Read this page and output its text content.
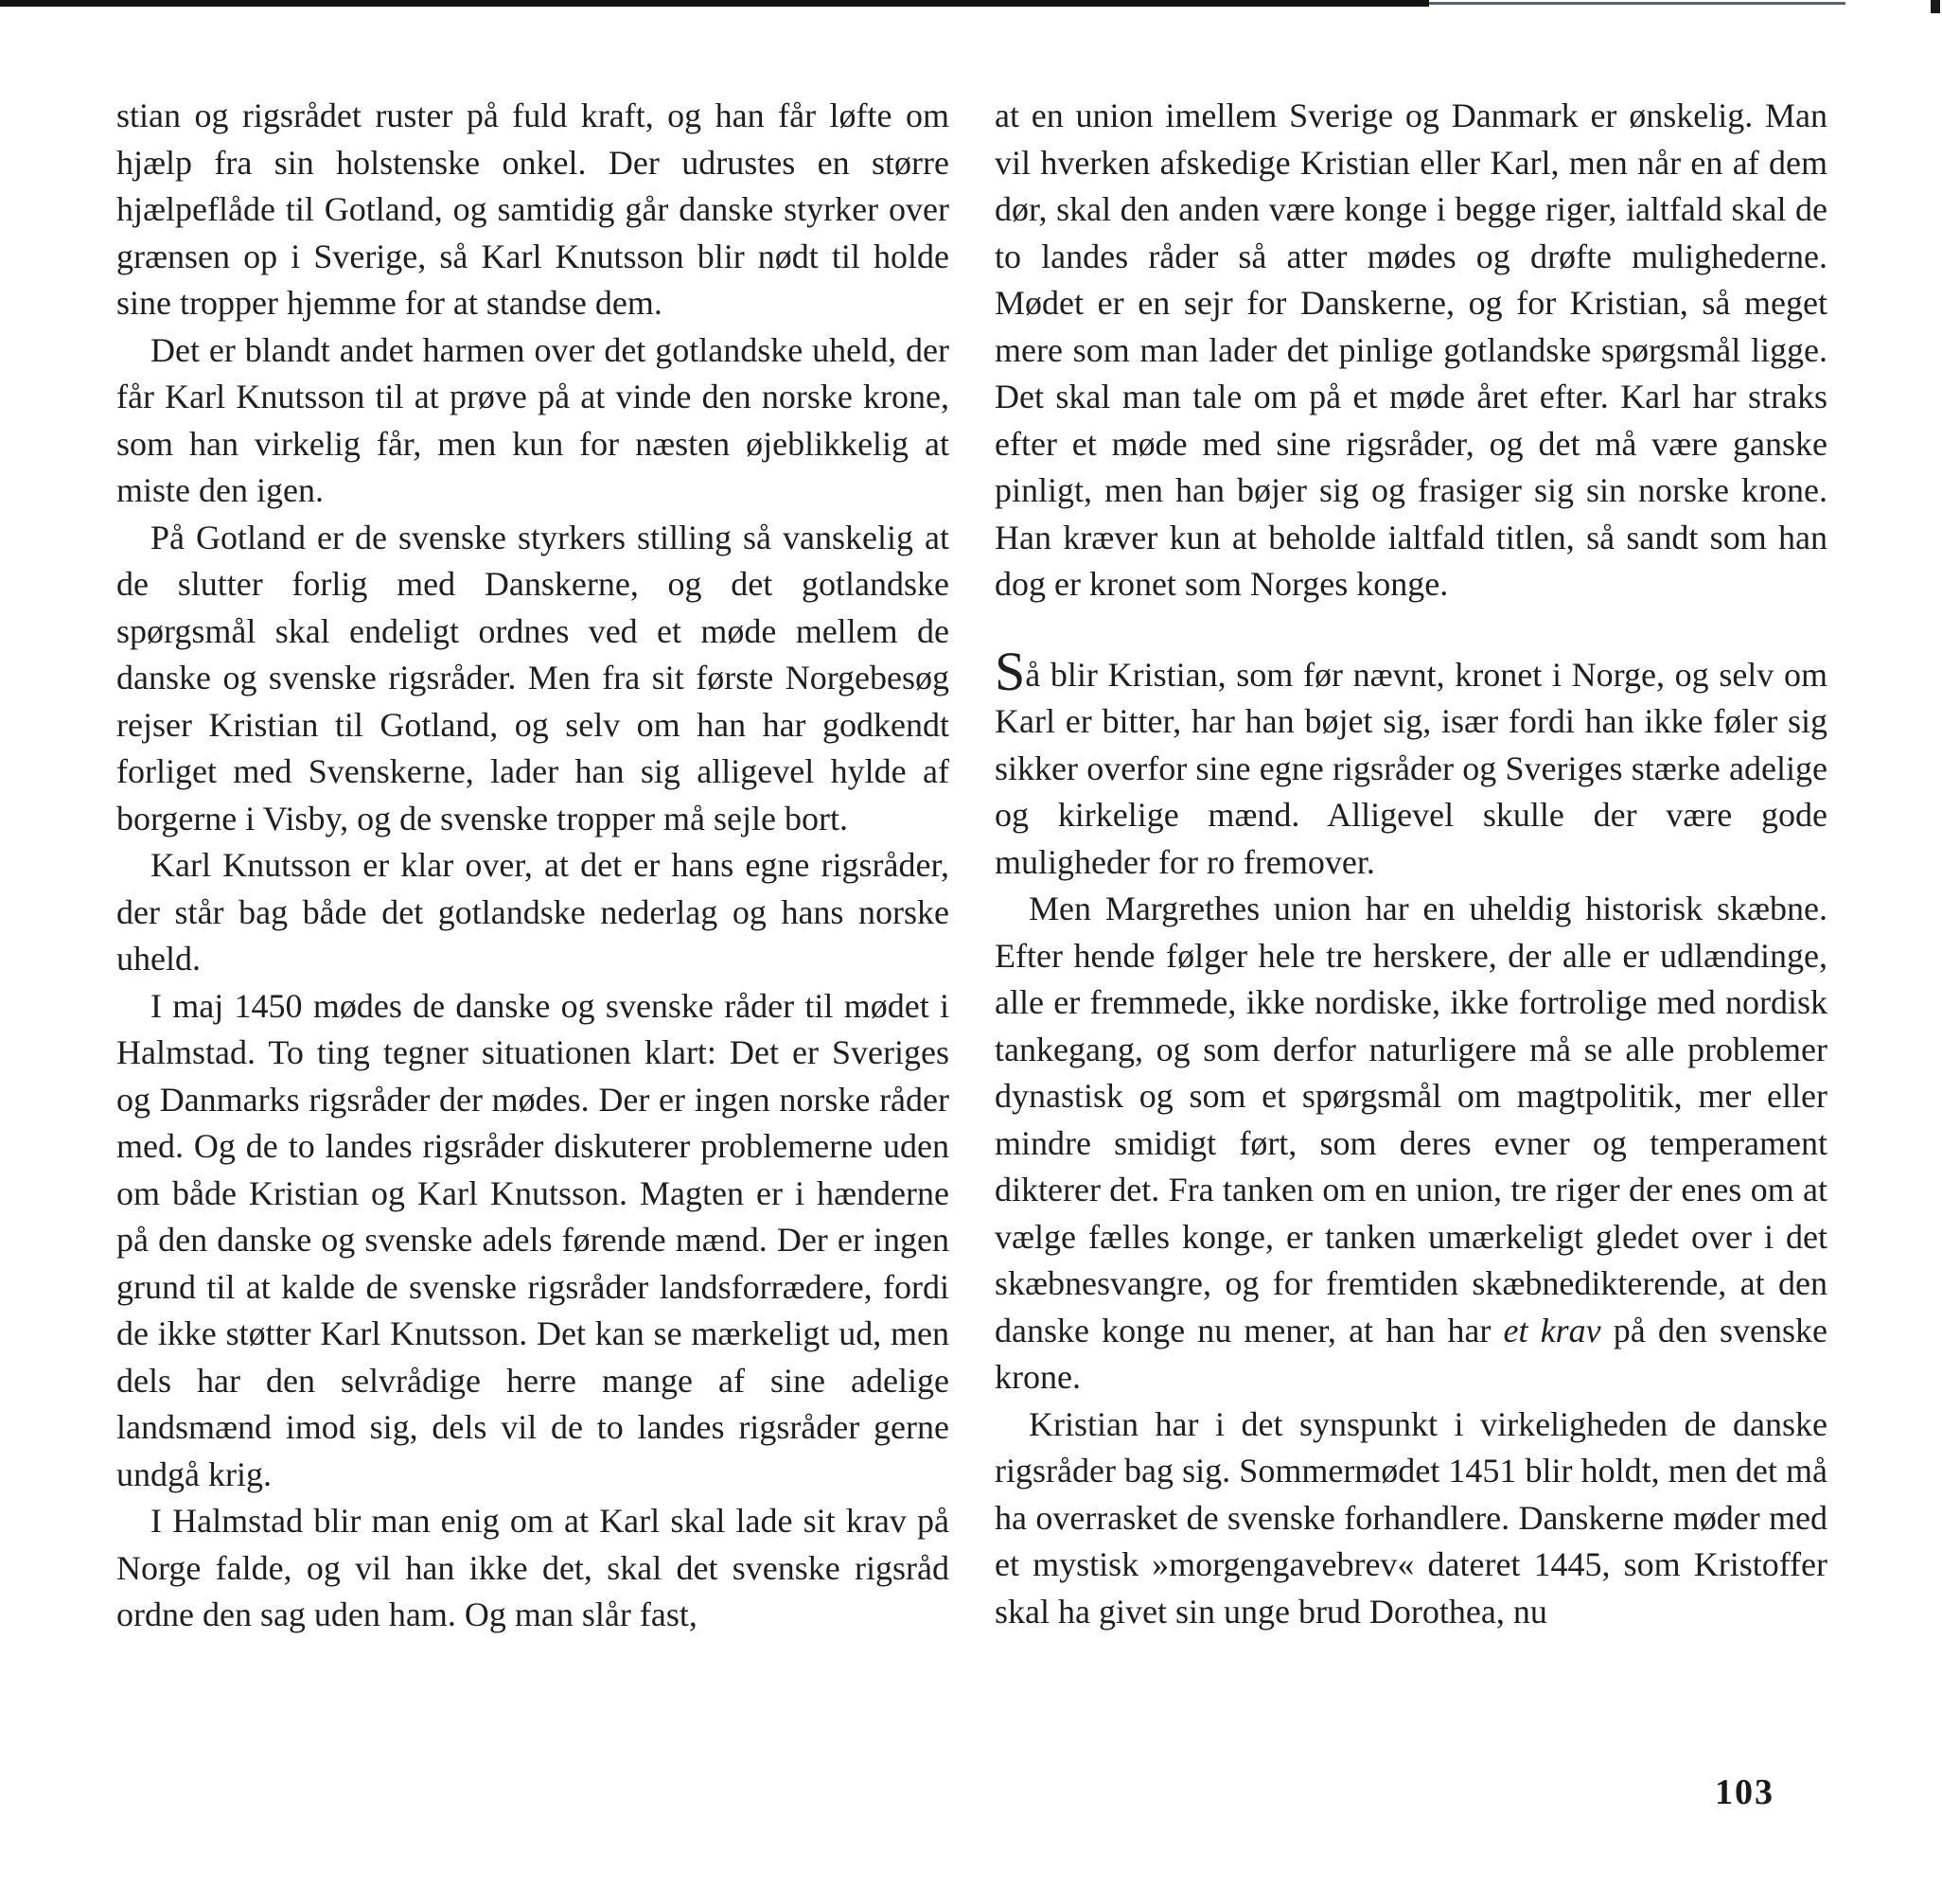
stian og rigsrådet ruster på fuld kraft, og han får løfte om hjælp fra sin holstenske onkel. Der udrustes en større hjælpeflåde til Gotland, og samtidig går danske styrker over grænsen op i Sverige, så Karl Knutsson blir nødt til holde sine tropper hjemme for at standse dem.

Det er blandt andet harmen over det gotlandske uheld, der får Karl Knutsson til at prøve på at vinde den norske krone, som han virkelig får, men kun for næsten øjeblikkelig at miste den igen.

På Gotland er de svenske styrkers stilling så vanskelig at de slutter forlig med Danskerne, og det gotlandske spørgsmål skal endeligt ordnes ved et møde mellem de danske og svenske rigsråder. Men fra sit første Norgebesøg rejser Kristian til Gotland, og selv om han har godkendt forliget med Svenskerne, lader han sig alligevel hylde af borgerne i Visby, og de svenske tropper må sejle bort.

Karl Knutsson er klar over, at det er hans egne rigsråder, der står bag både det gotlandske nederlag og hans norske uheld.

I maj 1450 mødes de danske og svenske råder til mødet i Halmstad. To ting tegner situationen klart: Det er Sveriges og Danmarks rigsråder der mødes. Der er ingen norske råder med. Og de to landes rigsråder diskuterer problemerne uden om både Kristian og Karl Knutsson. Magten er i hænderne på den danske og svenske adels førende mænd. Der er ingen grund til at kalde de svenske rigsråder landsforrædere, fordi de ikke støtter Karl Knutsson. Det kan se mærkeligt ud, men dels har den selvrådige herre mange af sine adelige landsmænd imod sig, dels vil de to landes rigsråder gerne undgå krig.

I Halmstad blir man enig om at Karl skal lade sit krav på Norge falde, og vil han ikke det, skal det svenske rigsråd ordne den sag uden ham. Og man slår fast,

at en union imellem Sverige og Danmark er ønskelig. Man vil hverken afskedige Kristian eller Karl, men når en af dem dør, skal den anden være konge i begge riger, ialtfald skal de to landes råder så atter mødes og drøfte mulighederne. Mødet er en sejr for Danskerne, og for Kristian, så meget mere som man lader det pinlige gotlandske spørgsmål ligge. Det skal man tale om på et møde året efter. Karl har straks efter et møde med sine rigsråder, og det må være ganske pinligt, men han bøjer sig og frasiger sig sin norske krone. Han kræver kun at beholde ialtfald titlen, så sandt som han dog er kronet som Norges konge.

Så blir Kristian, som før nævnt, kronet i Norge, og selv om Karl er bitter, har han bøjet sig, især fordi han ikke føler sig sikker overfor sine egne rigsråder og Sveriges stærke adelige og kirkelige mænd. Alligevel skulle der være gode muligheder for ro fremover.

Men Margrethes union har en uheldig historisk skæbne. Efter hende følger hele tre herskere, der alle er udlændinge, alle er fremmede, ikke nordiske, ikke fortrolige med nordisk tankegang, og som derfor naturligere må se alle problemer dynastisk og som et spørgsmål om magtpolitik, mer eller mindre smidigt ført, som deres evner og temperament dikterer det. Fra tanken om en union, tre riger der enes om at vælge fælles konge, er tanken umærkeligt gledet over i det skæbnesvangre, og for fremtiden skæbnedikterende, at den danske konge nu mener, at han har et krav på den svenske krone.

Kristian har i det synspunkt i virkeligheden de danske rigsråder bag sig. Sommermødet 1451 blir holdt, men det må ha overrasket de svenske forhandlere. Danskerne møder med et mystisk »morgengavebrev« dateret 1445, som Kristoffer skal ha givet sin unge brud Dorothea, nu

103
